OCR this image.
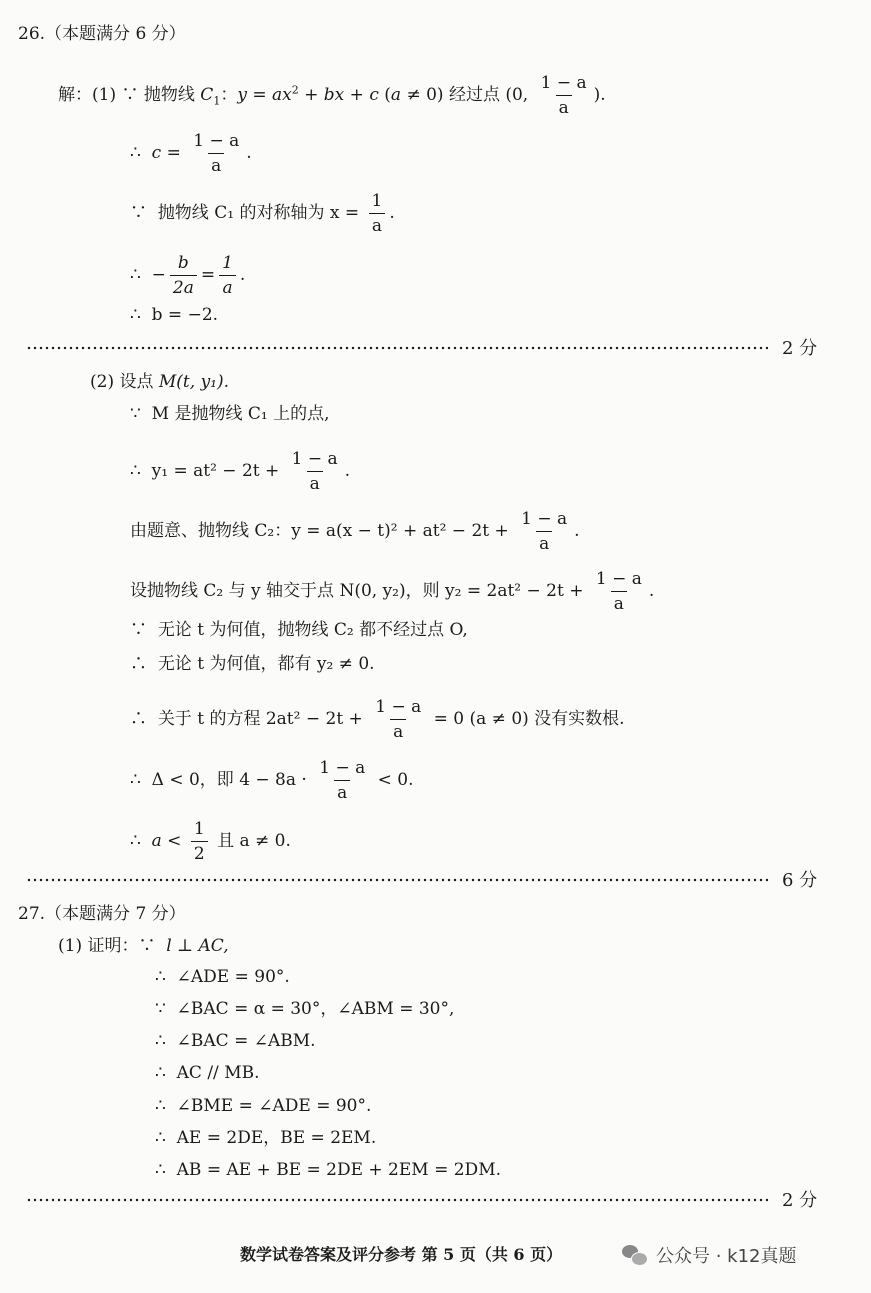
26.（本题满分 6 分）
解：(1) ∵ 抛物线 $C_1$：$y = ax^2$ + bx + c (a ≠ 0) 经过点 (0, $\frac{1 - a}{a}$ ).
∴ $c = \frac{1 - a}{a}$ .
∵ 抛物线 C₁ 的对称轴为 $x = \frac{1}{a}$ .
∴  − $\frac{b}{2a} = \frac{1}{a}$ .
∴ b = −2.
2 分
(2) 设点 M(t, y₁).
∵ M 是抛物线 C₁ 上的点,
∴ $y_1 = at^2 - 2t + \frac{1 - a}{a}$ .
由题意、抛物线 C₂：$y = a(x - t)^2 + at^2 - 2t + \frac{1 - a}{a}$ .
设抛物线 C₂ 与 y 轴交于点 N(0, y₂)，则 $y_2 = 2at^2 - 2t + \frac{1 - a}{a}$ .
∵ 无论 t 为何值，抛物线 C₂ 都不经过点 O,
∴ 无论 t 为何值，都有 y₂ ≠ 0.
∴ 关于 t 的方程 $2at^2 - 2t + \frac{1 - a}{a} = 0$ (a ≠ 0) 没有实数根.
∴ Δ < 0，即 $4 - 8a \cdot \frac{1 - a}{a} < 0$.
∴ $a < \frac{1}{2}$ 且 a ≠ 0.
6 分
27.（本题满分 7 分）
(1) 证明：∵ l ⊥ AC,
∴ ∠ADE = 90°.
∵ ∠BAC = α = 30°，∠ABM = 30°,
∴ ∠BAC = ∠ABM.
∴ AC // MB.
∴ ∠BME = ∠ADE = 90°.
∴ AE = 2DE，BE = 2EM.
∴ AB = AE + BE = 2DE + 2EM = 2DM.
2 分
数学试卷答案及评分参考 第 5 页（共 6 页）	公众号 · k12真题
